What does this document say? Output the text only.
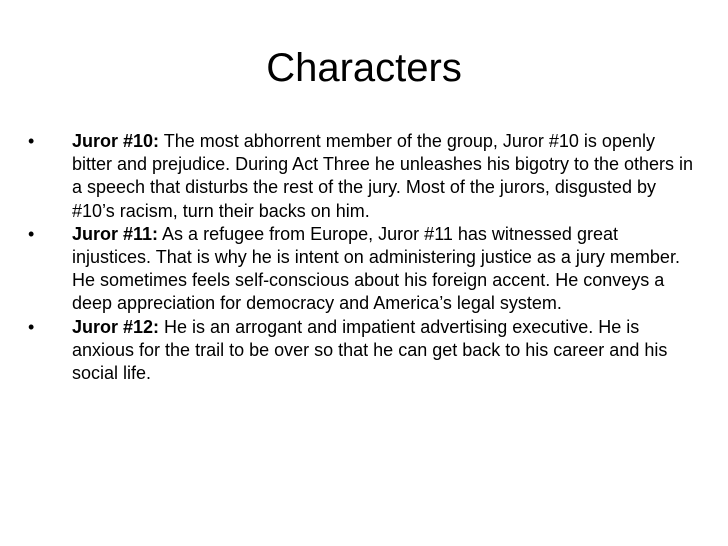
Characters
•	Juror #10: The most abhorrent member of the group, Juror #10 is openly bitter and prejudice. During Act Three he unleashes his bigotry to the others in a speech that disturbs the rest of the jury. Most of the jurors, disgusted by #10’s racism, turn their backs on him.
•	Juror #11: As a refugee from Europe, Juror #11 has witnessed great injustices. That is why he is intent on administering justice as a jury member. He sometimes feels self-conscious about his foreign accent. He conveys a deep appreciation for democracy and America’s legal system.
•	Juror #12: He is an arrogant and impatient advertising executive. He is anxious for the trail to be over so that he can get back to his career and his social life.
